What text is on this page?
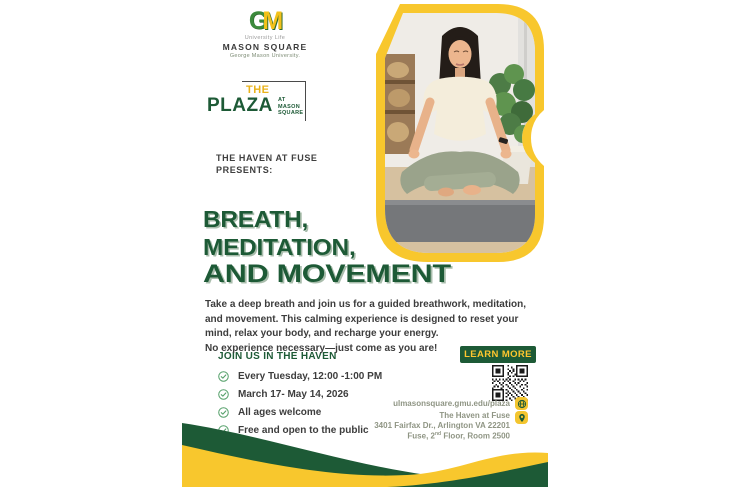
GM
University Life
MASON SQUARE
George Mason University.
THE
PLAZA AT
MASON
SQUARE
THE HAVEN AT FUSE
PRESENTS:
BREATH,
MEDITATION,
AND MOVEMENT
Take a deep breath and join us for a guided breathwork, meditation,
and movement. This calming experience is designed to reset your
mind, relax your body, and recharge your energy.
No experience necessary—just come as you are!
JOIN US IN THE HAVEN
Every Tuesday, 12:00 -1:00 PM
March 17- May 14, 2026
All ages welcome
Free and open to the public
LEARN MORE
ulmasonsquare.gmu.edu/plaza
The Haven at Fuse
3401 Fairfax Dr., Arlington VA 22201
Fuse, 2nd Floor, Room 2500
